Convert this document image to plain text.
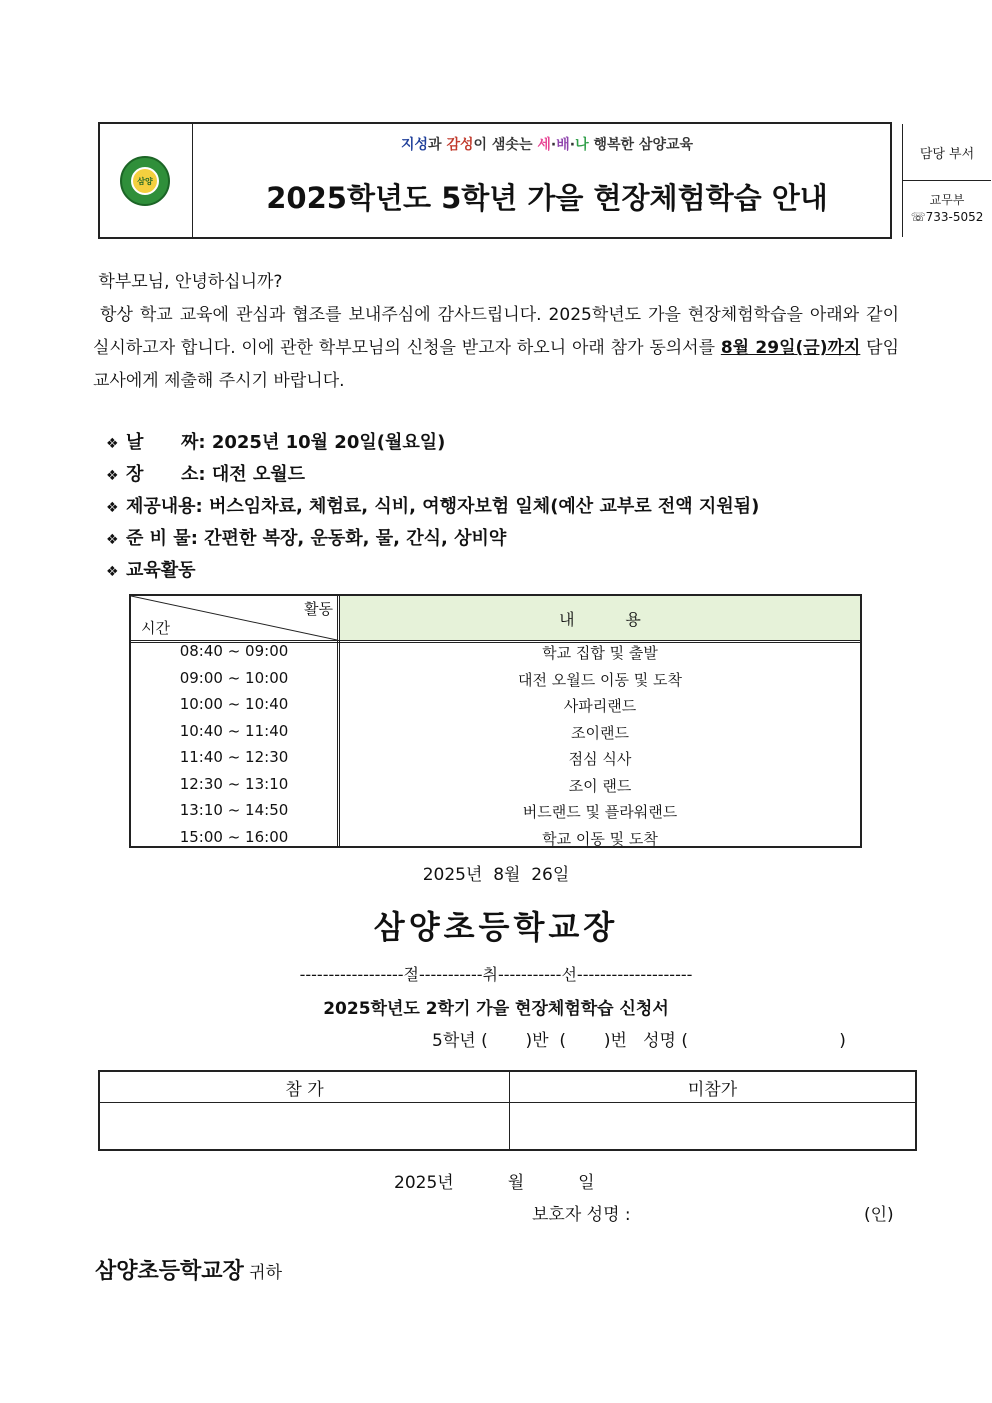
삼양
지성과 감성이 샘솟는 세·배·나 행복한 삼양교육
2025학년도 5학년 가을 현장체험학습 안내
담당 부서
교무부
☏733-5052
학부모님, 안녕하십니까?
항상 학교 교육에 관심과 협조를 보내주심에 감사드립니다. 2025학년도 가을 현장체험학습을 아래와 같이 실시하고자 합니다. 이에 관한 학부모님의 신청을 받고자 하오니 아래 참가 동의서를 8월 29일(금)까지 담임 교사에게 제출해 주시기 바랍니다.
❖ 날      짜: 2025년 10월 20일(월요일)
❖ 장      소: 대전 오월드
❖ 제공내용: 버스임차료, 체험료, 식비, 여행자보험 일체(예산 교부로 전액 지원됨)
❖ 준 비 물: 간편한 복장, 운동화, 물, 간식, 상비약
❖ 교육활동
활동
시간	내          용
08:40 ~ 09:00	학교 집합 및 출발
09:00 ~ 10:00	대전 오월드 이동 및 도착
10:00 ~ 10:40	사파리랜드
10:40 ~ 11:40	조이랜드
11:40 ~ 12:30	점심 식사
12:30 ~ 13:10	조이 랜드
13:10 ~ 14:50	버드랜드 및 플라워랜드
15:00 ~ 16:00	학교 이동 및 도착
2025년  8월  26일
삼양초등학교장
------------------절-----------취-----------선--------------------
2025학년도 2학기 가을 현장체험학습 신청서
5학년 (       )반  (       )번   성명 (                            )
참 가	미참가
2025년          월          일
보호자 성명 :	(인)
삼양초등학교장 귀하
